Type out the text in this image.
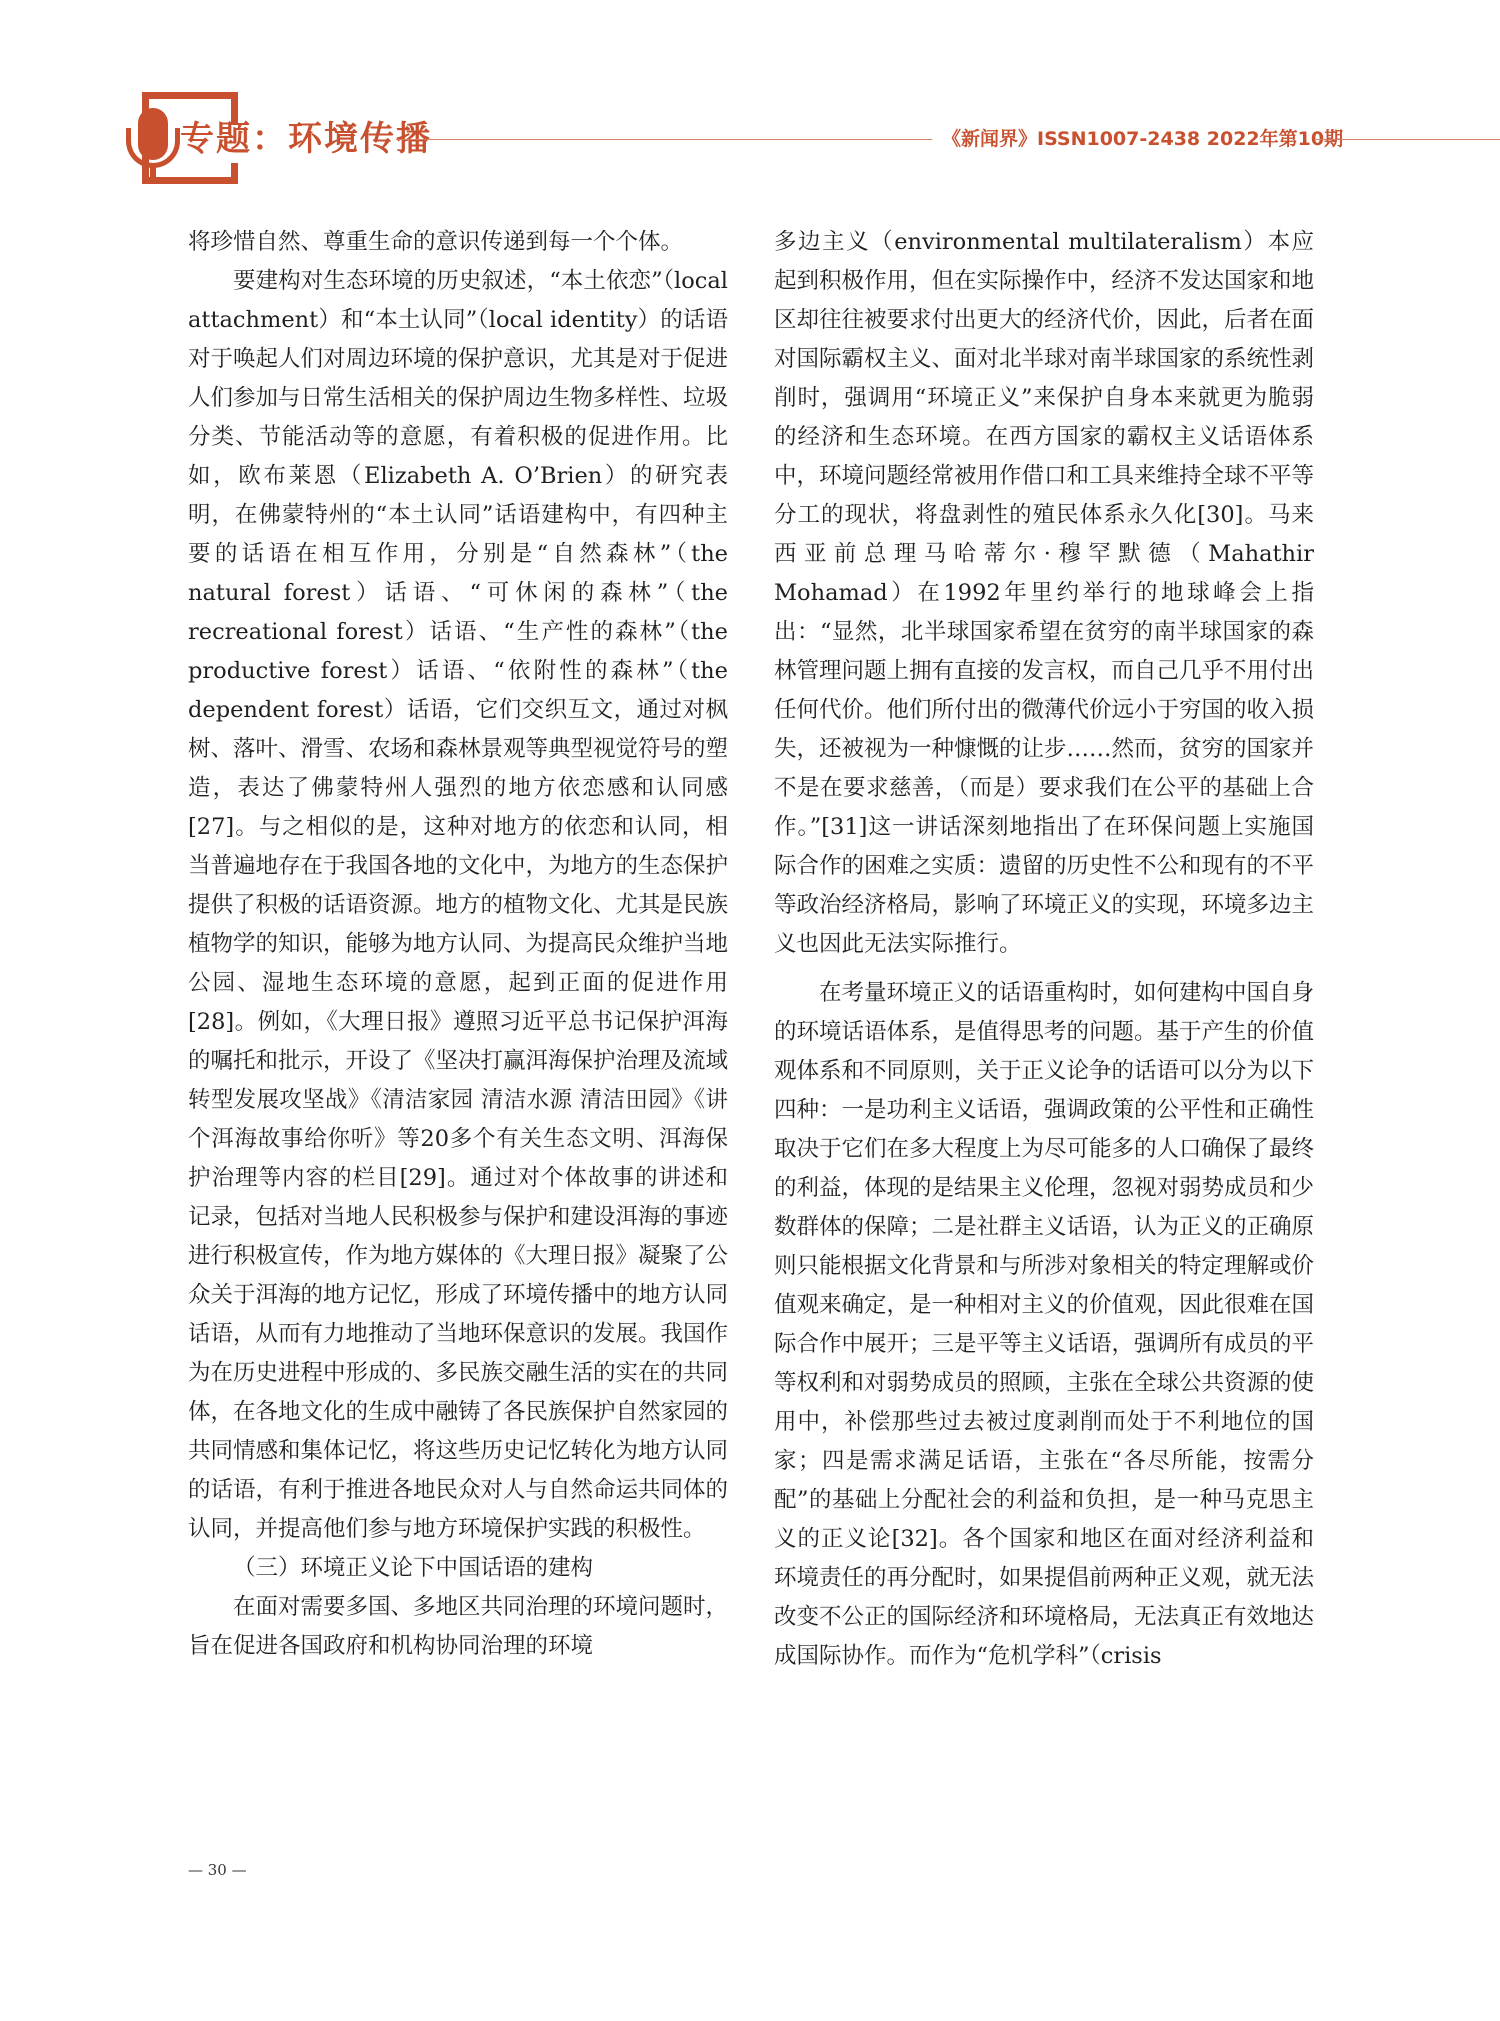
专题：环境传播	《新闻界》ISSN1007-2438 2022年第10期

将珍惜自然、尊重生命的意识传递到每一个个体。

要建构对生态环境的历史叙述，“本土依恋”（local attachment）和“本土认同”（local identity）的话语对于唤起人们对周边环境的保护意识，尤其是对于促进人们参加与日常生活相关的保护周边生物多样性、垃圾分类、节能活动等的意愿，有着积极的促进作用。比如，欧布莱恩（Elizabeth A. O’Brien）的研究表明，在佛蒙特州的“本土认同”话语建构中，有四种主要的话语在相互作用，分别是“自然森林”（the natural forest）话语、“可休闲的森林”（the recreational forest）话语、“生产性的森林”（the productive forest）话语、“依附性的森林”（the dependent forest）话语，它们交织互文，通过对枫树、落叶、滑雪、农场和森林景观等典型视觉符号的塑造，表达了佛蒙特州人强烈的地方依恋感和认同感[27]。与之相似的是，这种对地方的依恋和认同，相当普遍地存在于我国各地的文化中，为地方的生态保护提供了积极的话语资源。地方的植物文化、尤其是民族植物学的知识，能够为地方认同、为提高民众维护当地公园、湿地生态环境的意愿，起到正面的促进作用[28]。例如，《大理日报》遵照习近平总书记保护洱海的嘱托和批示，开设了《坚决打赢洱海保护治理及流域转型发展攻坚战》《清洁家园 清洁水源 清洁田园》《讲个洱海故事给你听》等20多个有关生态文明、洱海保护治理等内容的栏目[29]。通过对个体故事的讲述和记录，包括对当地人民积极参与保护和建设洱海的事迹进行积极宣传，作为地方媒体的《大理日报》凝聚了公众关于洱海的地方记忆，形成了环境传播中的地方认同话语，从而有力地推动了当地环保意识的发展。我国作为在历史进程中形成的、多民族交融生活的实在的共同体，在各地文化的生成中融铸了各民族保护自然家园的共同情感和集体记忆，将这些历史记忆转化为地方认同的话语，有利于推进各地民众对人与自然命运共同体的认同，并提高他们参与地方环境保护实践的积极性。

（三）环境正义论下中国话语的建构

在面对需要多国、多地区共同治理的环境问题时，旨在促进各国政府和机构协同治理的环境

多边主义（environmental multilateralism）本应起到积极作用，但在实际操作中，经济不发达国家和地区却往往被要求付出更大的经济代价，因此，后者在面对国际霸权主义、面对北半球对南半球国家的系统性剥削时，强调用“环境正义”来保护自身本来就更为脆弱的经济和生态环境。在西方国家的霸权主义话语体系中，环境问题经常被用作借口和工具来维持全球不平等分工的现状，将盘剥性的殖民体系永久化[30]。马来西亚前总理马哈蒂尔·穆罕默德（Mahathir Mohamad）在1992年里约举行的地球峰会上指出：“显然，北半球国家希望在贫穷的南半球国家的森林管理问题上拥有直接的发言权，而自己几乎不用付出任何代价。他们所付出的微薄代价远小于穷国的收入损失，还被视为一种慷慨的让步……然而，贫穷的国家并不是在要求慈善，（而是）要求我们在公平的基础上合作。”[31]这一讲话深刻地指出了在环保问题上实施国际合作的困难之实质：遗留的历史性不公和现有的不平等政治经济格局，影响了环境正义的实现，环境多边主义也因此无法实际推行。

在考量环境正义的话语重构时，如何建构中国自身的环境话语体系，是值得思考的问题。基于产生的价值观体系和不同原则，关于正义论争的话语可以分为以下四种：一是功利主义话语，强调政策的公平性和正确性取决于它们在多大程度上为尽可能多的人口确保了最终的利益，体现的是结果主义伦理，忽视对弱势成员和少数群体的保障；二是社群主义话语，认为正义的正确原则只能根据文化背景和与所涉对象相关的特定理解或价值观来确定，是一种相对主义的价值观，因此很难在国际合作中展开；三是平等主义话语，强调所有成员的平等权利和对弱势成员的照顾，主张在全球公共资源的使用中，补偿那些过去被过度剥削而处于不利地位的国家；四是需求满足话语，主张在“各尽所能，按需分配”的基础上分配社会的利益和负担，是一种马克思主义的正义论[32]。各个国家和地区在面对经济利益和环境责任的再分配时，如果提倡前两种正义观，就无法改变不公正的国际经济和环境格局，无法真正有效地达成国际协作。而作为“危机学科”（crisis

— 30 —
